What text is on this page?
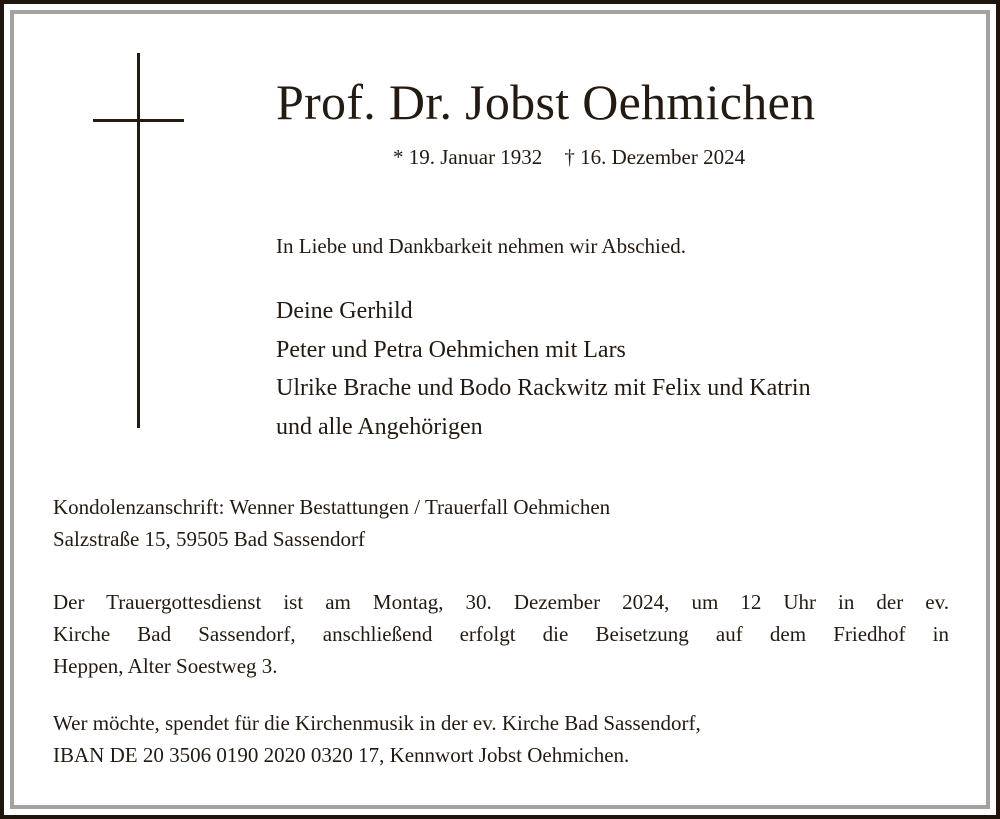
Prof. Dr. Jobst Oehmichen
* 19. Januar 1932 † 16. Dezember 2024
In Liebe und Dankbarkeit nehmen wir Abschied.
Deine Gerhild
Peter und Petra Oehmichen mit Lars
Ulrike Brache und Bodo Rackwitz mit Felix und Katrin
und alle Angehörigen
Kondolenzanschrift: Wenner Bestattungen / Trauerfall Oehmichen
Salzstraße 15, 59505 Bad Sassendorf
Der Trauergottesdienst ist am Montag, 30. Dezember 2024, um 12 Uhr in der ev.
Kirche Bad Sassendorf, anschließend erfolgt die Beisetzung auf dem Friedhof in
Heppen, Alter Soestweg 3.
Wer möchte, spendet für die Kirchenmusik in der ev. Kirche Bad Sassendorf,
IBAN DE 20 3506 0190 2020 0320 17, Kennwort Jobst Oehmichen.
